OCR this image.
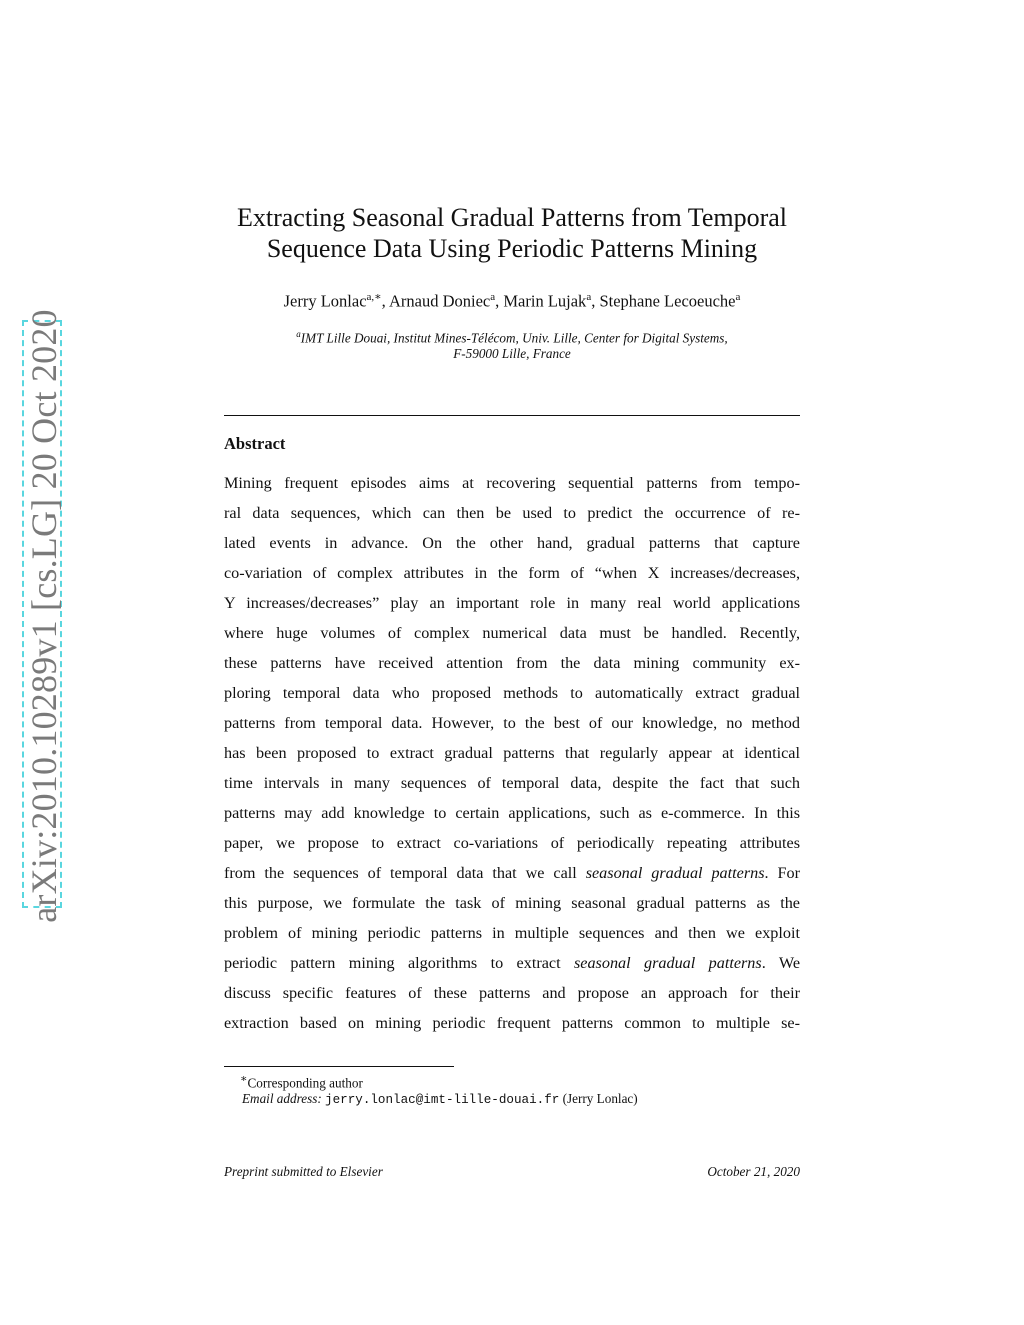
arXiv:2010.10289v1 [cs.LG] 20 Oct 2020
Extracting Seasonal Gradual Patterns from Temporal
Sequence Data Using Periodic Patterns Mining
Jerry Lonlac$^{a,∗}$, Arnaud Doniec$^a$, Marin Lujak$^a$, Stephane Lecoeuche$^a$
$^a$IMT Lille Douai, Institut Mines-Télécom, Univ. Lille, Center for Digital Systems,
F-59000 Lille, France
Abstract
Mining frequent episodes aims at recovering sequential patterns from tempo-
ral data sequences, which can then be used to predict the occurrence of re-
lated events in advance. On the other hand, gradual patterns that capture
co-variation of complex attributes in the form of “when X increases/decreases,
Y increases/decreases” play an important role in many real world applications
where huge volumes of complex numerical data must be handled. Recently,
these patterns have received attention from the data mining community ex-
ploring temporal data who proposed methods to automatically extract gradual
patterns from temporal data. However, to the best of our knowledge, no method
has been proposed to extract gradual patterns that regularly appear at identical
time intervals in many sequences of temporal data, despite the fact that such
patterns may add knowledge to certain applications, such as e-commerce. In this
paper, we propose to extract co-variations of periodically repeating attributes
from the sequences of temporal data that we call seasonal gradual patterns. For
this purpose, we formulate the task of mining seasonal gradual patterns as the
problem of mining periodic patterns in multiple sequences and then we exploit
periodic pattern mining algorithms to extract seasonal gradual patterns. We
discuss specific features of these patterns and propose an approach for their
extraction based on mining periodic frequent patterns common to multiple se-
∗Corresponding author
Email address: jerry.lonlac@imt-lille-douai.fr (Jerry Lonlac)
Preprint submitted to Elsevier	October 21, 2020
